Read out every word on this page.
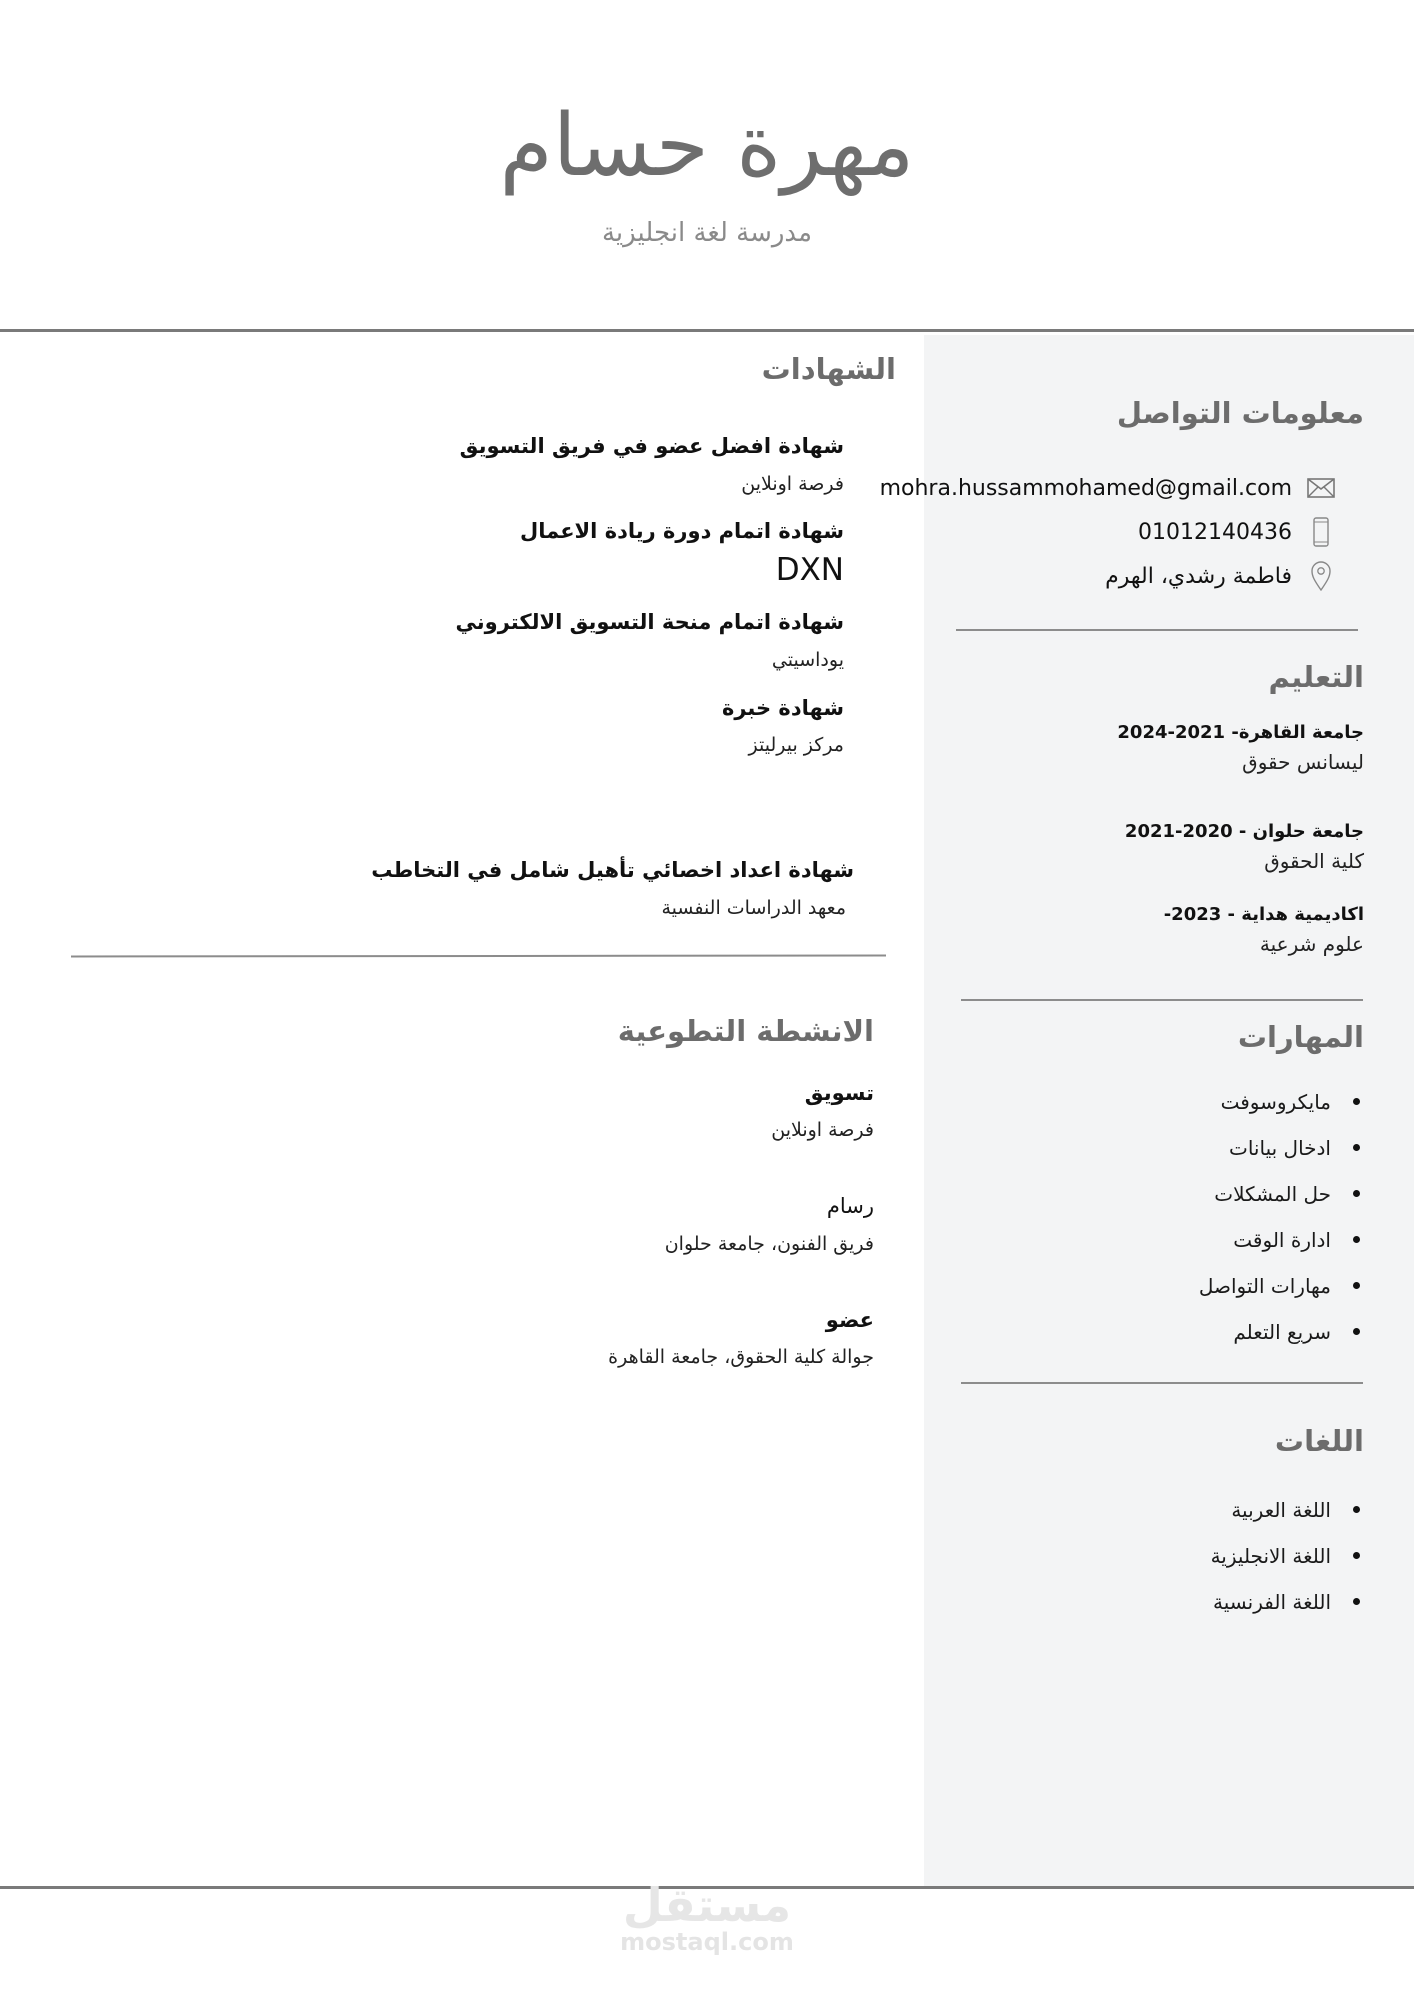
مهرة حسام
مدرسة لغة انجليزية
معلومات التواصل
mohra.hussammohamed@gmail.com
01012140436
فاطمة رشدي، الهرم
التعليم
جامعة القاهرة- 2021-2024
ليسانس حقوق
جامعة حلوان - 2020-2021
كلية الحقوق
اكاديمية هداية - 2023-
علوم شرعية
المهارات
مايكروسوفت
ادخال بيانات
حل المشكلات
ادارة الوقت
مهارات التواصل
سريع التعلم
اللغات
اللغة العربية
اللغة الانجليزية
اللغة الفرنسية
الشهادات
شهادة افضل عضو في فريق التسويق
فرصة اونلاين
شهادة اتمام دورة ريادة الاعمال
DXN
شهادة اتمام منحة التسويق الالكتروني
يوداسيتي
شهادة خبرة
مركز بيرليتز
شهادة اعداد اخصائي تأهيل شامل في التخاطب
معهد الدراسات النفسية
الانشطة التطوعية
تسويق
فرصة اونلاين
رسام
فريق الفنون، جامعة حلوان
عضو
جوالة كلية الحقوق، جامعة القاهرة
مستقل
mostaql.com
